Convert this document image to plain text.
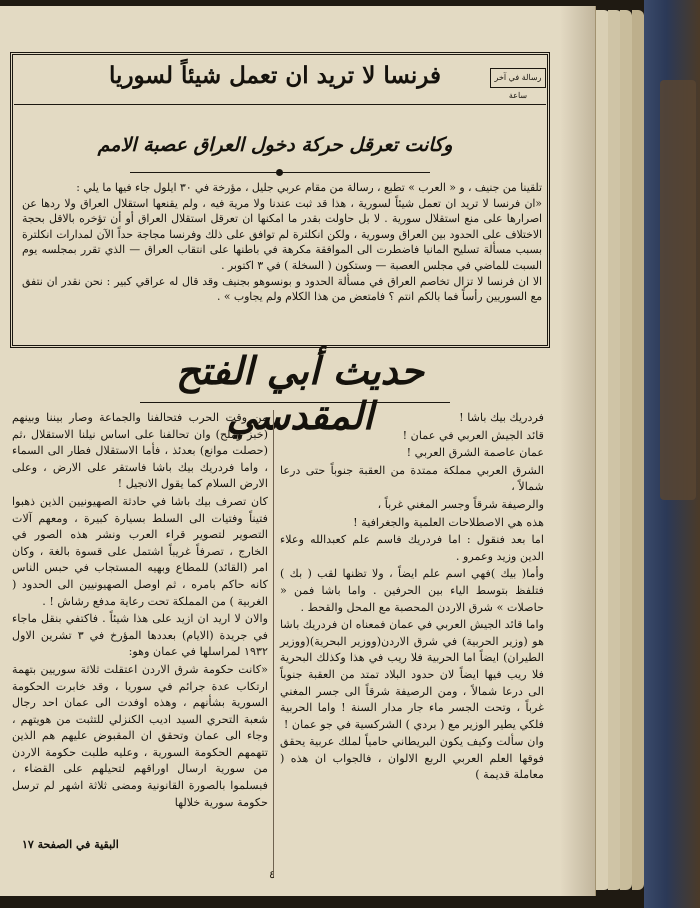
رسالة في آخر ساعة
فرنسا لا تريد ان تعمل شيئاً لسوريا
وكانت تعرقل حركة دخول العراق عصبة الامم

تلقينا من جنيف ، و « العرب » تطبع ، رسالة من مقام عربي جليل ، مؤرخة في ٣٠ ايلول جاء فيها ما يلي :

«ان فرنسا لا تريد ان تعمل شيئاً لسورية ، هذا قد ثبت عندنا ولا مرية فيه ، ولم يقنعها استقلال العراق ولا ردها عن اصرارها على منع استقلال سورية . لا بل حاولت بقدر ما امكنها ان تعرقل استقلال العراق أو أن تؤخره بالاقل بحجة الاختلاف على الحدود بين العراق وسورية ، ولكن انكلترة لم توافق على ذلك وفرنسا مجاجة حداً الآن لمدارات انكلترة بسبب مسألة تسليح المانيا فاضطرت الى الموافقة مكرهة في باطنها على انتقاب العراق — الذي تقرر بمجلسه يوم السبت للماضي في مجلس العصبة — وستكون ( السخلة ) في ٣ اكتوبر .

الا ان فرنسا لا تزال تخاصم العراق في مسألة الحدود و بونسوهو بجنيف وقد قال له عراقي كبير : نحن نقدر ان نتفق مع السوريين رأساً فما بالكم انتم ؟ فامتعض من هذا الكلام ولم يجاوب » .

حديث أبي الفتح المقدسي	فردريك بيك باشا !

قائد الجيش العربي في عمان !

عمان عاصمة الشرق العربي !

الشرق العربي مملكة ممتدة من العقبة جنوباً حتى درعا شمالاً ،

والرصيفة شرقاً وجسر المغني غرباً ،

هذه هي الاصطلاحات العلمية والجغرافية !

اما بعد فنقول : اما فردريك فاسم علم كعبدالله وعلاء الدين وزيد وعمرو .

وأما( بيك )فهي اسم علم ايضاً ، ولا تظنها لقب ( بك ) فتلفظ بتوسط الياء بين الحرفين . واما باشا فمن « حاصلات » شرق الاردن المحصبة مع المحل والقحط .

واما قائد الجيش العربي في عمان فمعناه ان فردريك باشا هو (وزير الحربية) في شرق الاردن(ووزير البحرية)(ووزير الطيران) ايضاً اما الحربية فلا ريب في هذا وكذلك البحرية فلا ريب فيها ايضاً لان حدود البلاد تمتد من العقبة جنوباً الى درعا شمالاً ، ومن الرصيفة شرقاً الى جسر المغني غرباً ، وتحت الجسر ماء جار مدار السنة ! واما الحربية فلكي يطير الوزير مع ( بردي ) الشركسية في جو عمان !

وان سألت وكيف يكون البريطاني حامياً لملك عربية يحقق فوقها العلم العربي الربع الالوان ، فالجواب ان هذه ( معاملة قديمة )

من وقت الحرب فتحالفنا والجماعة وصار بيننا وبينهم (خبز وملح) وان تحالفنا على اساس نيلنا الاستقلال ،ثم (حصلت موانع) بعدئذ ، فأما الاستقلال فطار الى السماء ، واما فردريك بيك باشا فاستقر على الارض ، وعلى الارض السلام كما يقول الانجيل !

كان تصرف بيك باشا في حادثة الصهيونيين الذين ذهبوا فتيناً وفتيات الى السلط بسيارة كبيرة ، ومعهم آلات التصوير لتصوير قراء العرب ونشر هذه الصور في الخارج ، تصرفاً غريباً اشتمل على قسوة بالغة ، وكان امر (القائد) للمطاع وبهيه المستجاب في حبس الناس كانه حاكم بامره ، ثم اوصل الصهيونيين الى الحدود ( الغربية ) من المملكة تحت رعاية مدفع رشاش ! .

والان لا اريد ان ازيد على هذا شيئاً . فاكتفي بنقل ماجاء في جريدة (الايام) بعددها المؤرخ في ٣ تشرين الاول ١٩٣٢ لمراسلها في عمان وهو:

«كانت حكومة شرق الاردن اعتقلت ثلاثة سوريين بتهمة ارتكاب عدة جرائم في سوريا ، وقد خابرت الحكومة السورية بشأنهم ، وهذه اوفدت الى عمان احد رجال شعبة التحري السيد اديب الكنزلي للتثبت من هويتهم ، وجاء الى عمان وتحقق ان المقبوض عليهم هم الذين تتهمهم الحكومة السورية ، وعليه طلبت حكومة الاردن من سورية ارسال اوراقهم لتحيلهم على القضاء ، فبسلموا بالصورة القانونية ومضى ثلاثة اشهر لم ترسل حكومة سورية خلالها

البقية في الصفحة ١٧
٤
